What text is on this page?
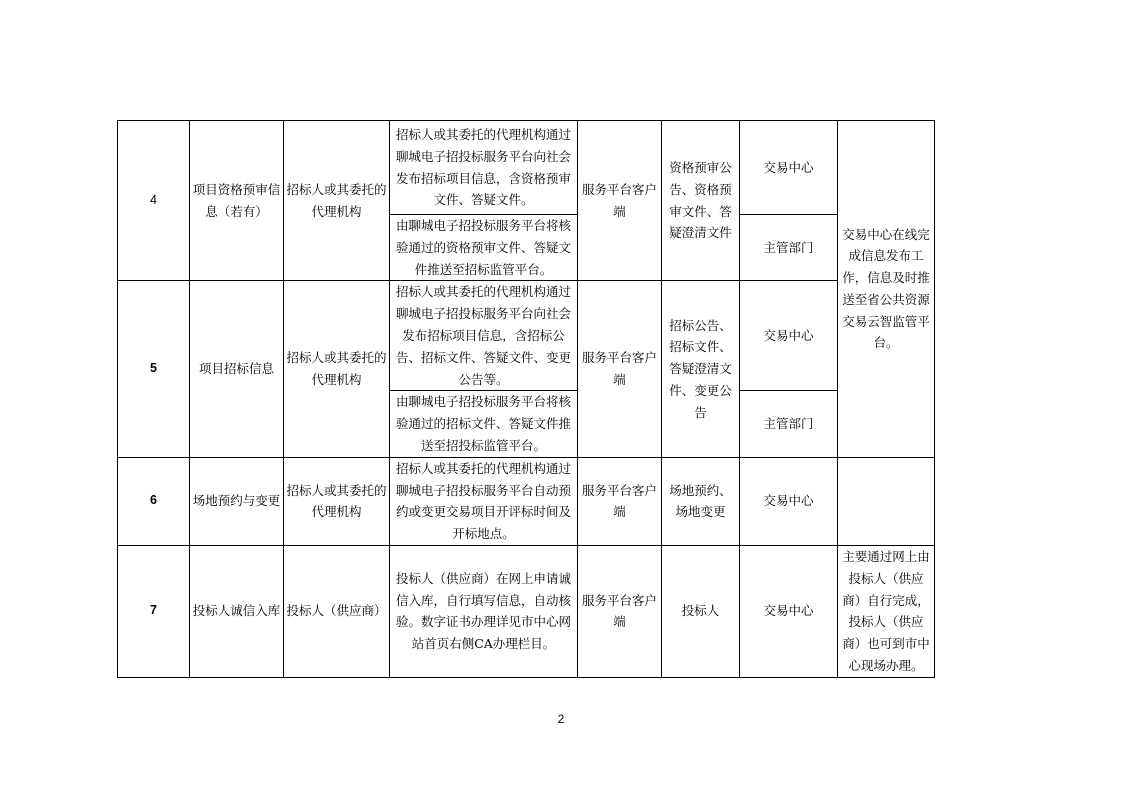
4	项目资格预审信息（若有）	招标人或其委托的代理机构	招标人或其委托的代理机构通过聊城电子招投标服务平台向社会发布招标项目信息，含资格预审文件、答疑文件。	服务平台客户端	资格预审公告、资格预审文件、答疑澄清文件	交易中心	交易中心在线完成信息发布工作，信息及时推送至省公共资源交易云智监管平台。
			由聊城电子招投标服务平台将核验通过的资格预审文件、答疑文件推送至招标监管平台。			主管部门	
5	项目招标信息	招标人或其委托的代理机构	招标人或其委托的代理机构通过聊城电子招投标服务平台向社会发布招标项目信息，含招标公告、招标文件、答疑文件、变更公告等。	服务平台客户端	招标公告、招标文件、答疑澄清文件、变更公告	交易中心	
			由聊城电子招投标服务平台将核验通过的招标文件、答疑文件推送至招投标监管平台。			主管部门	
6	场地预约与变更	招标人或其委托的代理机构	招标人或其委托的代理机构通过聊城电子招投标服务平台自动预约或变更交易项目开评标时间及开标地点。	服务平台客户端	场地预约、场地变更	交易中心	
7	投标人诚信入库	投标人（供应商）	投标人（供应商）在网上申请诚信入库，自行填写信息，自动核验。数字证书办理详见市中心网站首页右侧CA办理栏目。	服务平台客户端	投标人	交易中心	主要通过网上由投标人（供应商）自行完成，投标人（供应商）也可到市中心现场办理。
2
